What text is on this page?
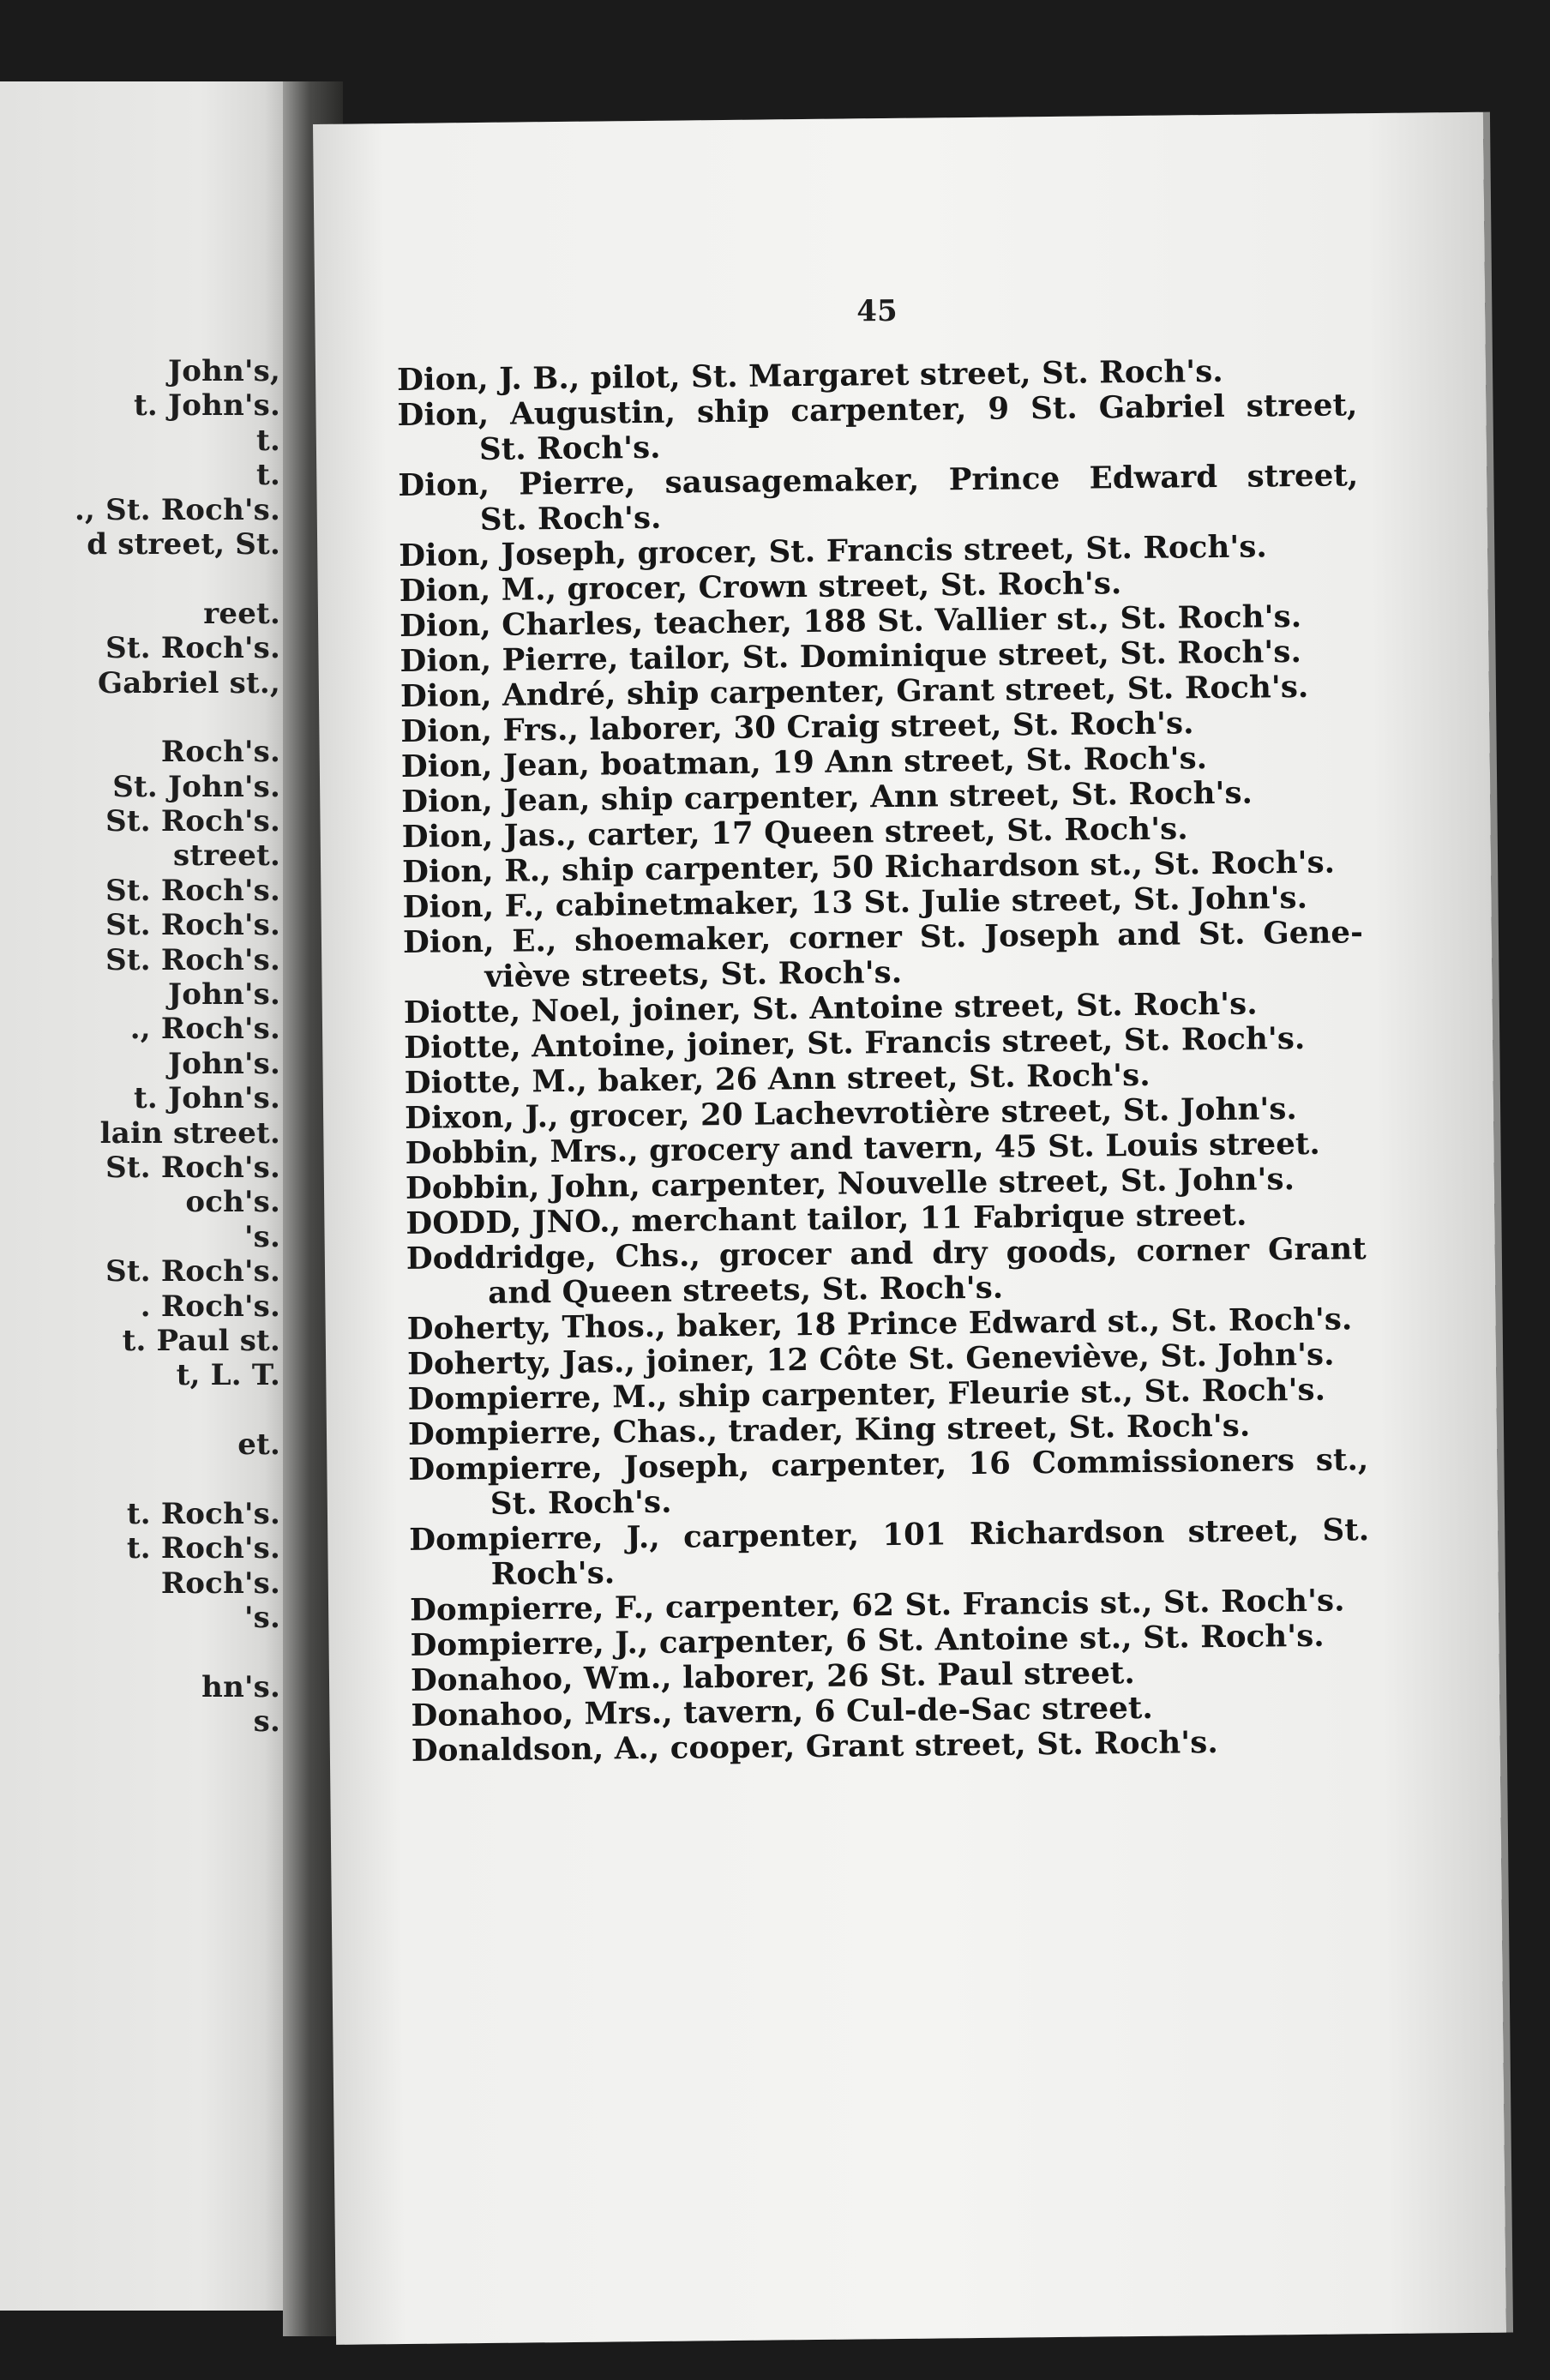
John's,
t. John's.
t.
t.
., St. Roch's.
d street, St.
reet.
St. Roch's.
Gabriel st.,
Roch's.
St. John's.
St. Roch's.
street.
St. Roch's.
St. Roch's.
St. Roch's.
John's.
., Roch's.
John's.
t. John's.
lain street.
St. Roch's.
och's.
's.
St. Roch's.
. Roch's.
t. Paul st.
t, L. T.
et.
t. Roch's.
t. Roch's.
Roch's.
's.
hn's.
s.
45
Dion, J. B., pilot, St. Margaret street, St. Roch's.
Dion, Augustin, ship carpenter, 9 St. Gabriel street,
St. Roch's.
Dion, Pierre, sausagemaker, Prince Edward street,
St. Roch's.
Dion, Joseph, grocer, St. Francis street, St. Roch's.
Dion, M., grocer, Crown street, St. Roch's.
Dion, Charles, teacher, 188 St. Vallier st., St. Roch's.
Dion, Pierre, tailor, St. Dominique street, St. Roch's.
Dion, André, ship carpenter, Grant street, St. Roch's.
Dion, Frs., laborer, 30 Craig street, St. Roch's.
Dion, Jean, boatman, 19 Ann street, St. Roch's.
Dion, Jean, ship carpenter, Ann street, St. Roch's.
Dion, Jas., carter, 17 Queen street, St. Roch's.
Dion, R., ship carpenter, 50 Richardson st., St. Roch's.
Dion, F., cabinetmaker, 13 St. Julie street, St. John's.
Dion, E., shoemaker, corner St. Joseph and St. Gene-
viève streets, St. Roch's.
Diotte, Noel, joiner, St. Antoine street, St. Roch's.
Diotte, Antoine, joiner, St. Francis street, St. Roch's.
Diotte, M., baker, 26 Ann street, St. Roch's.
Dixon, J., grocer, 20 Lachevrotière street, St. John's.
Dobbin, Mrs., grocery and tavern, 45 St. Louis street.
Dobbin, John, carpenter, Nouvelle street, St. John's.
DODD, JNO., merchant tailor, 11 Fabrique street.
Doddridge, Chs., grocer and dry goods, corner Grant
and Queen streets, St. Roch's.
Doherty, Thos., baker, 18 Prince Edward st., St. Roch's.
Doherty, Jas., joiner, 12 Côte St. Geneviève, St. John's.
Dompierre, M., ship carpenter, Fleurie st., St. Roch's.
Dompierre, Chas., trader, King street, St. Roch's.
Dompierre, Joseph, carpenter, 16 Commissioners st.,
St. Roch's.
Dompierre, J., carpenter, 101 Richardson street, St.
Roch's.
Dompierre, F., carpenter, 62 St. Francis st., St. Roch's.
Dompierre, J., carpenter, 6 St. Antoine st., St. Roch's.
Donahoo, Wm., laborer, 26 St. Paul street.
Donahoo, Mrs., tavern, 6 Cul-de-Sac street.
Donaldson, A., cooper, Grant street, St. Roch's.
